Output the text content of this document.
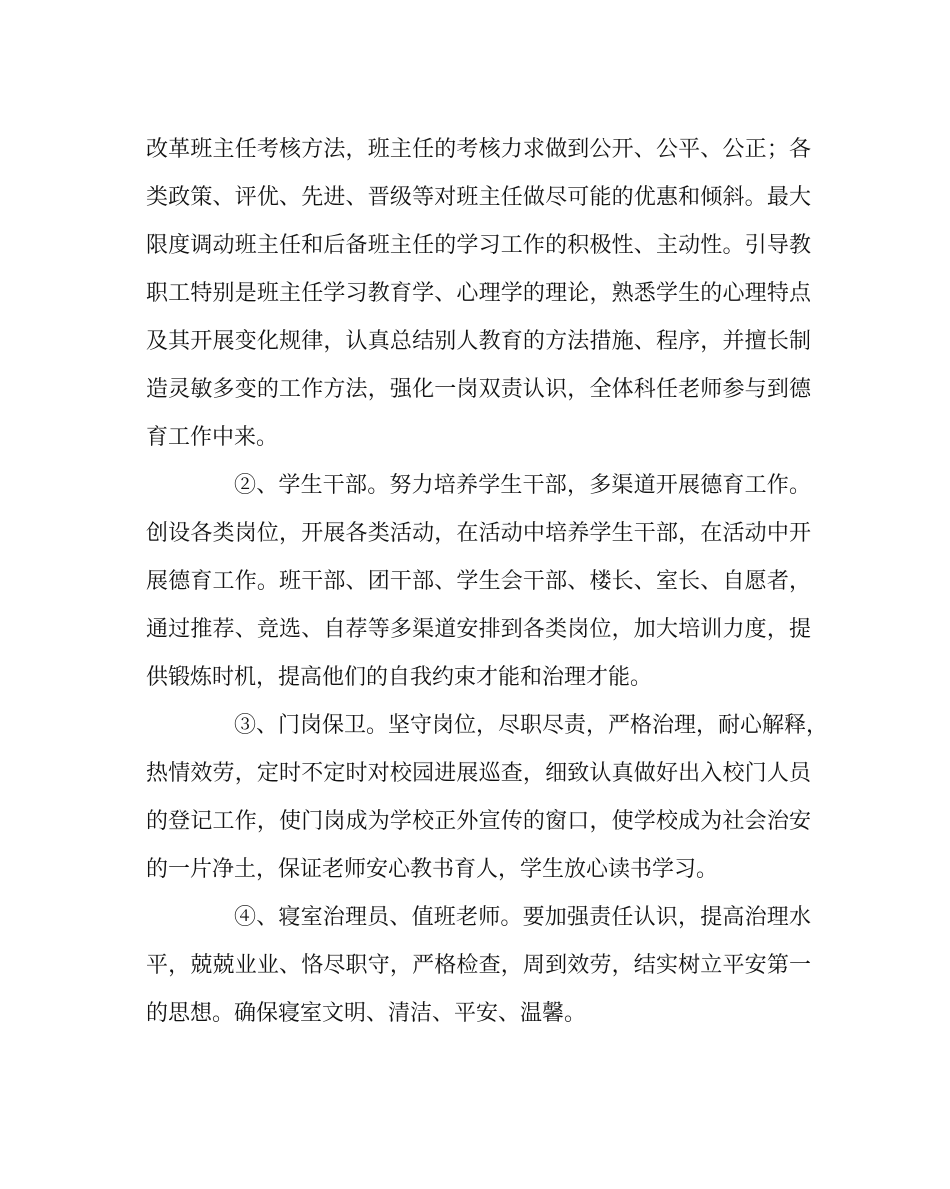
改革班主任考核方法，班主任的考核力求做到公开、公平、公正；各
类政策、评优、先进、晋级等对班主任做尽可能的优惠和倾斜。最大
限度调动班主任和后备班主任的学习工作的积极性、主动性。引导教
职工特别是班主任学习教育学、心理学的理论，熟悉学生的心理特点
及其开展变化规律，认真总结别人教育的方法措施、程序，并擅长制
造灵敏多变的工作方法，强化一岗双责认识，全体科任老师参与到德
育工作中来。
②、学生干部。努力培养学生干部，多渠道开展德育工作。
创设各类岗位，开展各类活动，在活动中培养学生干部，在活动中开
展德育工作。班干部、团干部、学生会干部、楼长、室长、自愿者，
通过推荐、竞选、自荐等多渠道安排到各类岗位，加大培训力度，提
供锻炼时机，提高他们的自我约束才能和治理才能。
③、门岗保卫。坚守岗位，尽职尽责，严格治理，耐心解释，
热情效劳，定时不定时对校园进展巡查，细致认真做好出入校门人员
的登记工作，使门岗成为学校正外宣传的窗口，使学校成为社会治安
的一片净土，保证老师安心教书育人，学生放心读书学习。
④、寝室治理员、值班老师。要加强责任认识，提高治理水
平，兢兢业业、恪尽职守，严格检查，周到效劳，结实树立平安第一
的思想。确保寝室文明、清洁、平安、温馨。
